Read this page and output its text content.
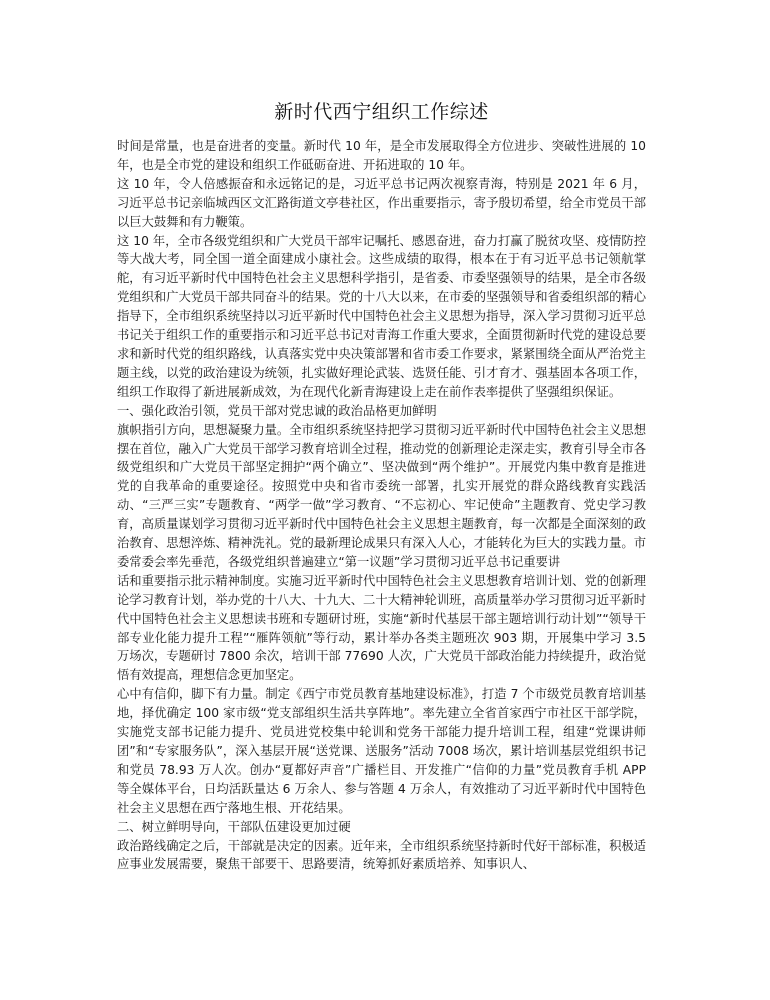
新时代西宁组织工作综述

时间是常量，也是奋进者的变量。新时代 10 年，是全市发展取得全方位进步、突破性进展的 10 年，也是全市党的建设和组织工作砥砺奋进、开拓进取的 10 年。

这 10 年，令人倍感振奋和永远铭记的是，习近平总书记两次视察青海，特别是 2021 年 6 月，习近平总书记亲临城西区文汇路街道文亭巷社区，作出重要指示，寄予殷切希望，给全市党员干部以巨大鼓舞和有力鞭策。

这 10 年，全市各级党组织和广大党员干部牢记嘱托、感恩奋进，奋力打赢了脱贫攻坚、疫情防控等大战大考，同全国一道全面建成小康社会。这些成绩的取得，根本在于有习近平总书记领航掌舵，有习近平新时代中国特色社会主义思想科学指引，是省委、市委坚强领导的结果，是全市各级党组织和广大党员干部共同奋斗的结果。党的十八大以来，在市委的坚强领导和省委组织部的精心指导下，全市组织系统坚持以习近平新时代中国特色社会主义思想为指导，深入学习贯彻习近平总书记关于组织工作的重要指示和习近平总书记对青海工作重大要求，全面贯彻新时代党的建设总要求和新时代党的组织路线，认真落实党中央决策部署和省市委工作要求，紧紧围绕全面从严治党主题主线，以党的政治建设为统领，扎实做好理论武装、选贤任能、引才育才、强基固本各项工作，组织工作取得了新进展新成效，为在现代化新青海建设上走在前作表率提供了坚强组织保证。

一、强化政治引领，党员干部对党忠诚的政治品格更加鲜明

旗帜指引方向，思想凝聚力量。全市组织系统坚持把学习贯彻习近平新时代中国特色社会主义思想摆在首位，融入广大党员干部学习教育培训全过程，推动党的创新理论走深走实，教育引导全市各级党组织和广大党员干部坚定拥护“两个确立”、坚决做到“两个维护”。开展党内集中教育是推进党的自我革命的重要途径。按照党中央和省市委统一部署，扎实开展党的群众路线教育实践活动、“三严三实”专题教育、“两学一做”学习教育、“不忘初心、牢记使命”主题教育、党史学习教育，高质量谋划学习贯彻习近平新时代中国特色社会主义思想主题教育，每一次都是全面深刻的政治教育、思想淬炼、精神洗礼。党的最新理论成果只有深入人心，才能转化为巨大的实践力量。市委常委会率先垂范，各级党组织普遍建立“第一议题”学习贯彻习近平总书记重要讲

话和重要指示批示精神制度。实施习近平新时代中国特色社会主义思想教育培训计划、党的创新理论学习教育计划，举办党的十八大、十九大、二十大精神轮训班，高质量举办学习贯彻习近平新时代中国特色社会主义思想读书班和专题研讨班，实施“新时代基层干部主题培训行动计划”“领导干部专业化能力提升工程”“雁阵领航”等行动，累计举办各类主题班次 903 期，开展集中学习 3.5 万场次，专题研讨 7800 余次，培训干部 77690 人次，广大党员干部政治能力持续提升，政治觉悟有效提高，理想信念更加坚定。

心中有信仰，脚下有力量。制定《西宁市党员教育基地建设标准》，打造 7 个市级党员教育培训基地，择优确定 100 家市级“党支部组织生活共享阵地”。率先建立全省首家西宁市社区干部学院，实施党支部书记能力提升、党员进党校集中轮训和党务干部能力提升培训工程，组建“党课讲师团”和“专家服务队”，深入基层开展“送党课、送服务”活动 7008 场次，累计培训基层党组织书记和党员 78.93 万人次。创办“夏都好声音”广播栏目、开发推广“信仰的力量”党员教育手机 APP 等全媒体平台，日均活跃量达 6 万余人、参与答题 4 万余人，有效推动了习近平新时代中国特色社会主义思想在西宁落地生根、开花结果。

二、树立鲜明导向，干部队伍建设更加过硬

政治路线确定之后，干部就是决定的因素。近年来，全市组织系统坚持新时代好干部标准，积极适应事业发展需要，聚焦干部要干、思路要清，统筹抓好素质培养、知事识人、
